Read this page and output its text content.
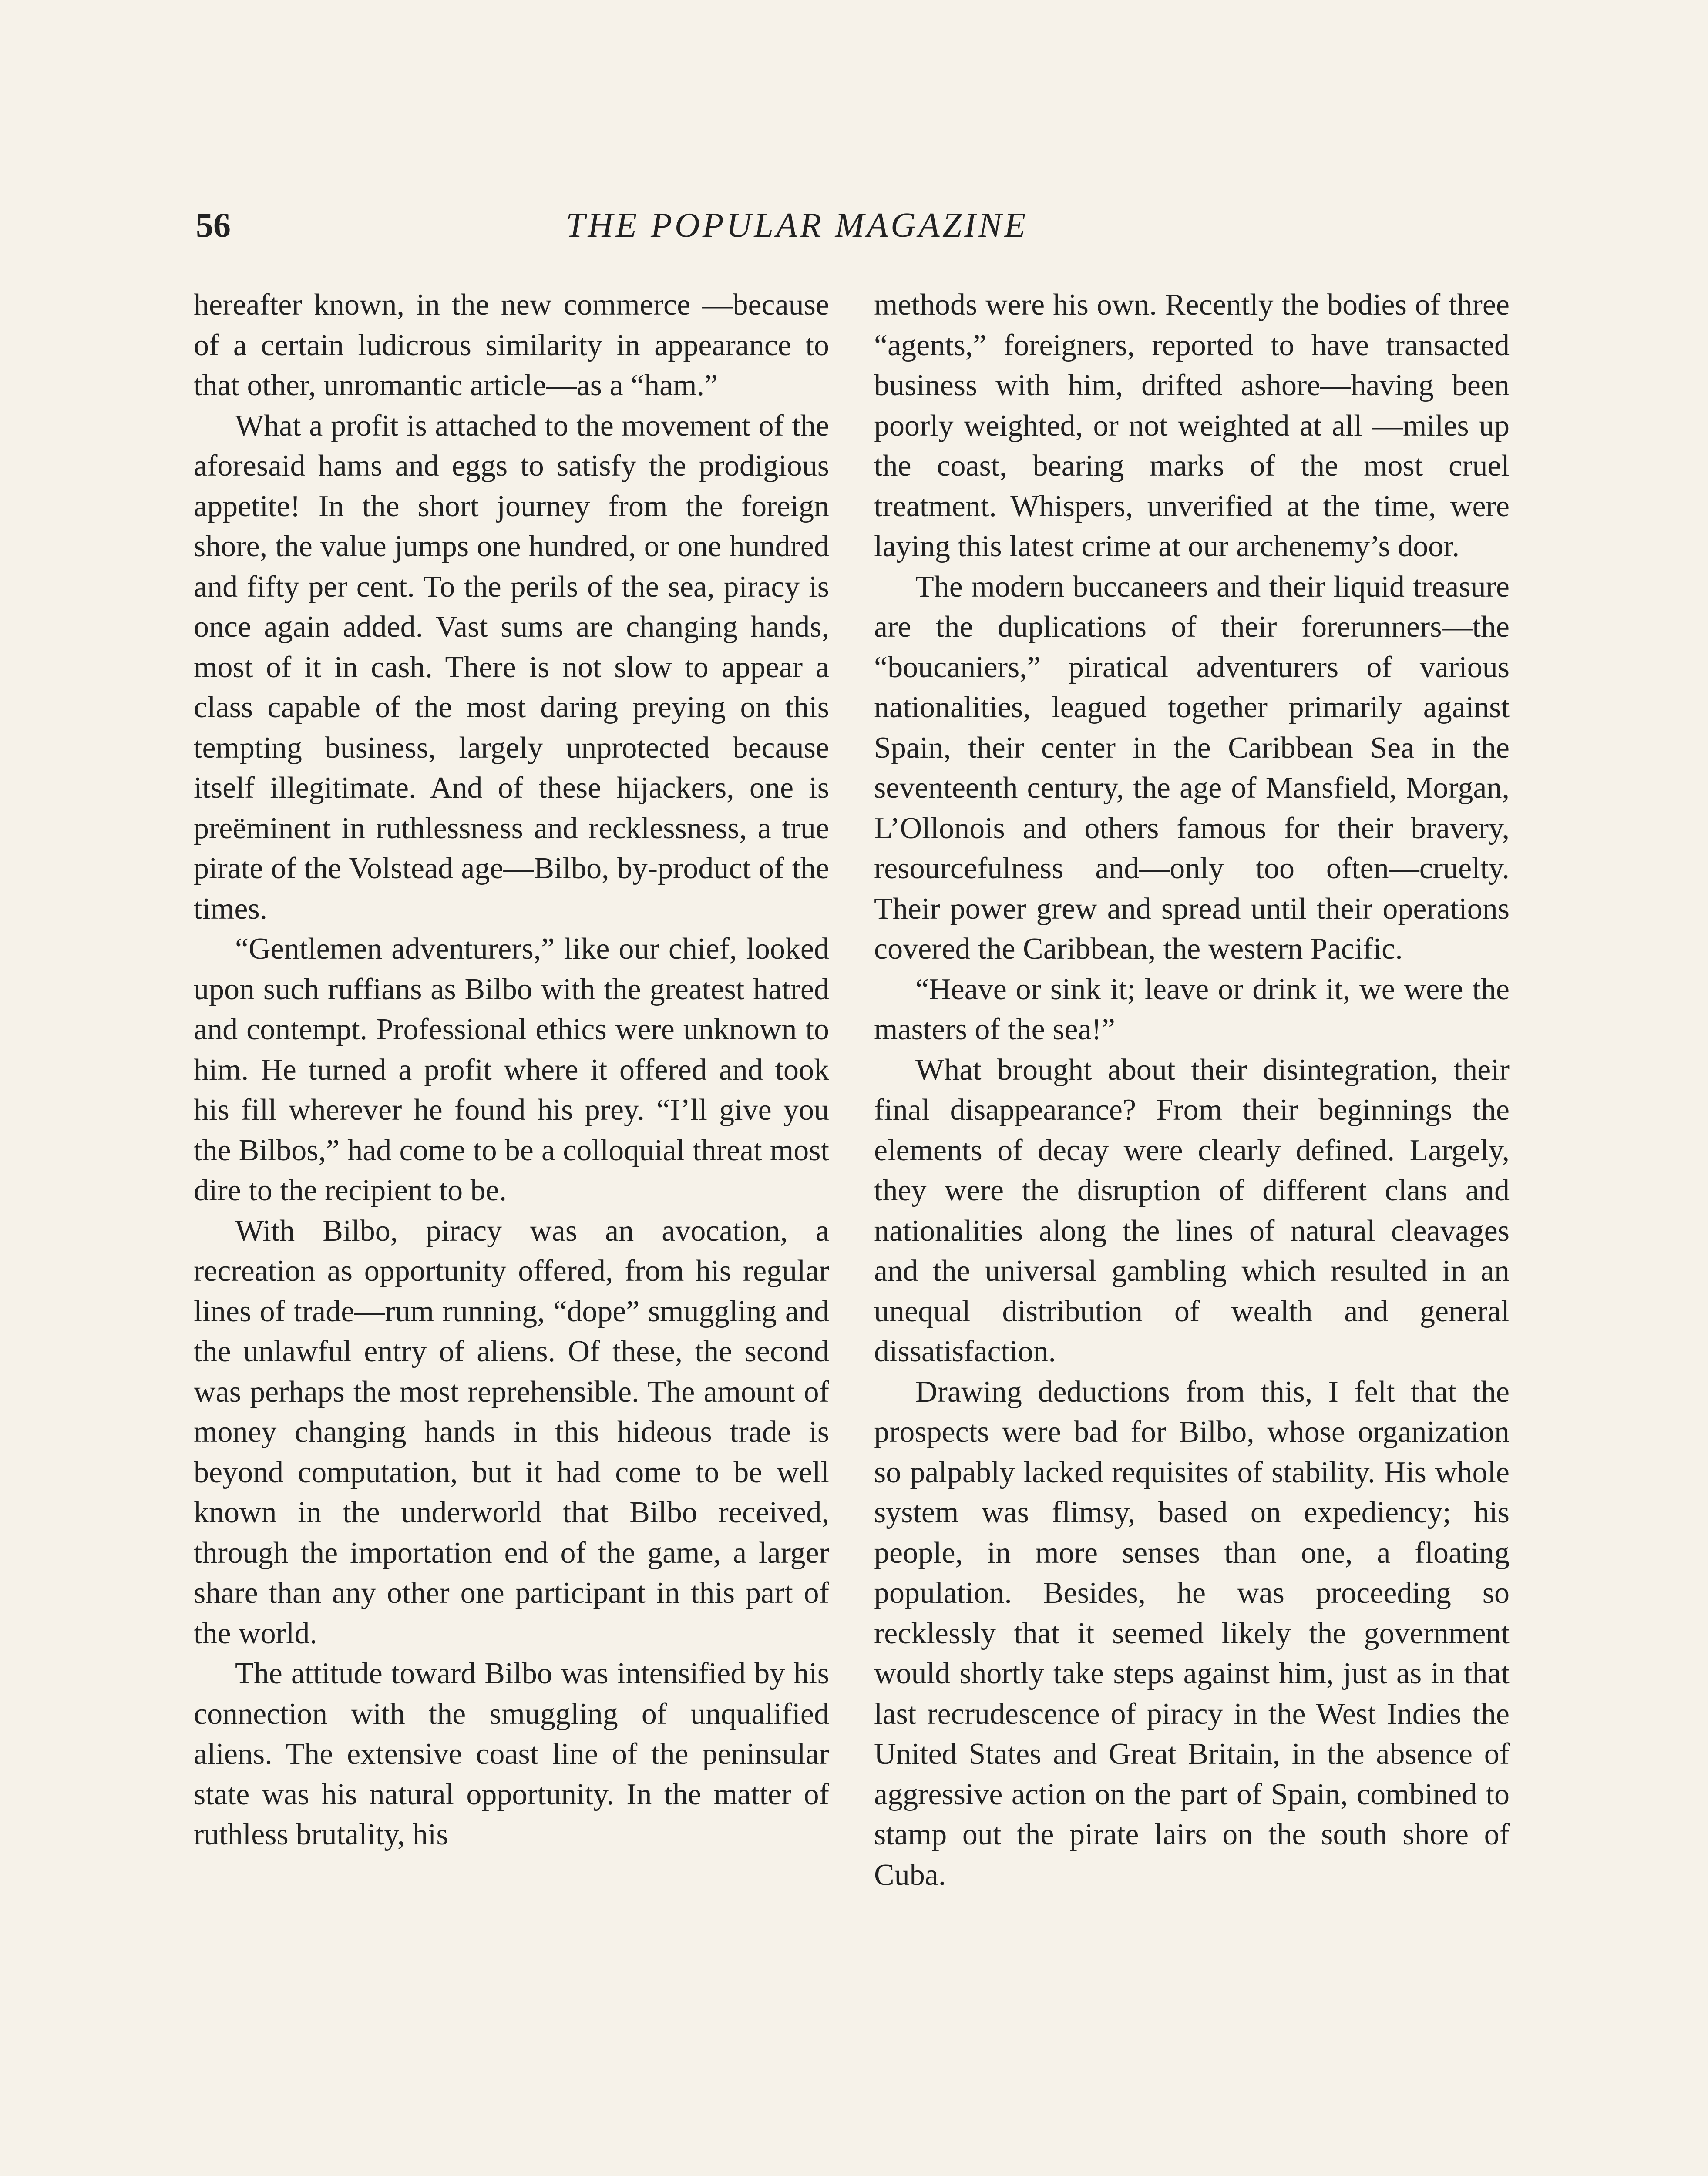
56	THE POPULAR MAGAZINE

hereafter known, in the new commerce —because of a certain ludicrous similarity in appearance to that other, unromantic article—as a “ham.”

What a profit is attached to the movement of the aforesaid hams and eggs to satisfy the prodigious appetite! In the short journey from the foreign shore, the value jumps one hundred, or one hundred and fifty per cent. To the perils of the sea, piracy is once again added. Vast sums are changing hands, most of it in cash. There is not slow to appear a class capable of the most daring preying on this tempting business, largely unprotected because itself illegitimate. And of these hijackers, one is preëminent in ruthlessness and recklessness, a true pirate of the Volstead age—Bilbo, by-product of the times.

“Gentlemen adventurers,” like our chief, looked upon such ruffians as Bilbo with the greatest hatred and contempt. Professional ethics were unknown to him. He turned a profit where it offered and took his fill wherever he found his prey. “I’ll give you the Bilbos,” had come to be a colloquial threat most dire to the recipient to be.

With Bilbo, piracy was an avocation, a recreation as opportunity offered, from his regular lines of trade—rum running, “dope” smuggling and the unlawful entry of aliens. Of these, the second was perhaps the most reprehensible. The amount of money changing hands in this hideous trade is beyond computation, but it had come to be well known in the underworld that Bilbo received, through the importation end of the game, a larger share than any other one participant in this part of the world.

The attitude toward Bilbo was intensified by his connection with the smuggling of unqualified aliens. The extensive coast line of the peninsular state was his natural opportunity. In the matter of ruthless brutality, his

methods were his own. Recently the bodies of three “agents,” foreigners, reported to have transacted business with him, drifted ashore—having been poorly weighted, or not weighted at all —miles up the coast, bearing marks of the most cruel treatment. Whispers, unverified at the time, were laying this latest crime at our archenemy’s door.

The modern buccaneers and their liquid treasure are the duplications of their forerunners—the “boucaniers,” piratical adventurers of various nationalities, leagued together primarily against Spain, their center in the Caribbean Sea in the seventeenth century, the age of Mansfield, Morgan, L’Ollonois and others famous for their bravery, resourcefulness and—only too often—cruelty. Their power grew and spread until their operations covered the Caribbean, the western Pacific.

“Heave or sink it; leave or drink it, we were the masters of the sea!”

What brought about their disintegration, their final disappearance? From their beginnings the elements of decay were clearly defined. Largely, they were the disruption of different clans and nationalities along the lines of natural cleavages and the universal gambling which resulted in an unequal distribution of wealth and general dissatisfaction.

Drawing deductions from this, I felt that the prospects were bad for Bilbo, whose organization so palpably lacked requisites of stability. His whole system was flimsy, based on expediency; his people, in more senses than one, a floating population. Besides, he was proceeding so recklessly that it seemed likely the government would shortly take steps against him, just as in that last recrudescence of piracy in the West Indies the United States and Great Britain, in the absence of aggressive action on the part of Spain, combined to stamp out the pirate lairs on the south shore of Cuba.
